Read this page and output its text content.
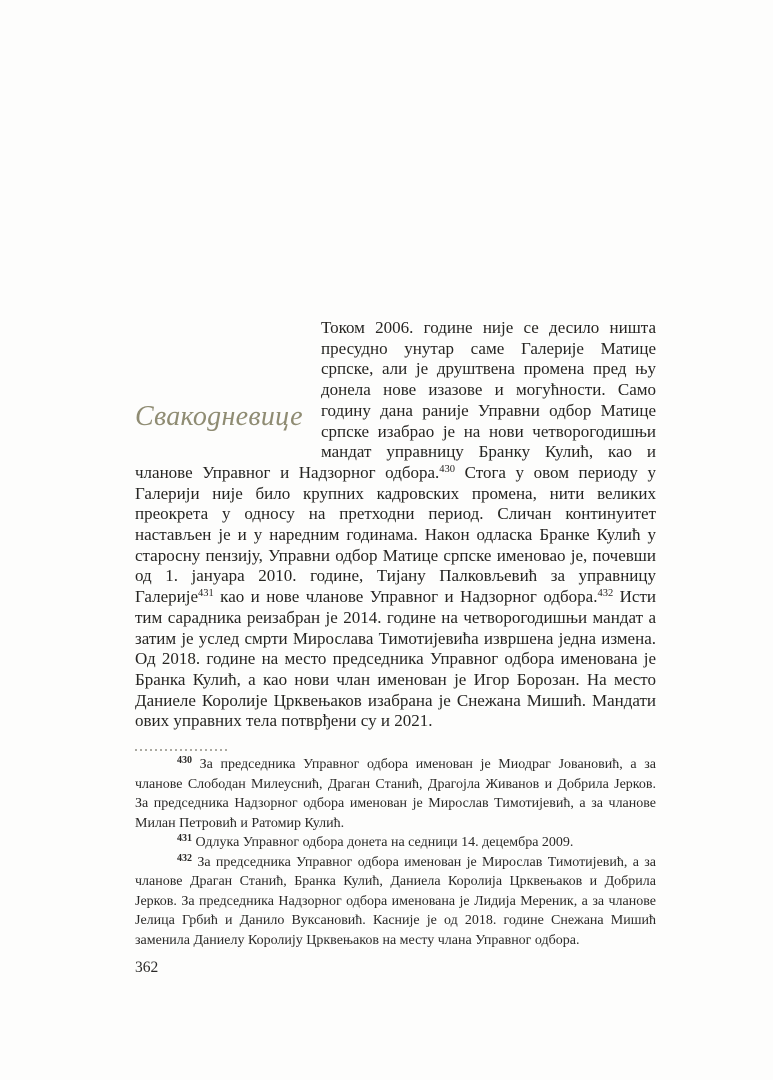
Свакодневице
Током 2006. године није се десило ништа пресудно унутар саме Галерије Матице српске, али је друштвена промена пред њу донела нове изазове и могућности. Само годину дана раније Управни одбор Матице српске изабрао је на нови четворогодишњи мандат управницу Бранку Кулић, као и чланове Управног и Надзорног одбора.$^{430}$ Стога у овом периоду у Галерији није било крупних кадровских промена, нити великих преокрета у односу на претходни период. Сличан континуитет настављен је и у наредним годинама. Након одласка Бранке Кулић у старосну пензију, Управни одбор Матице српске именовао је, почевши од 1. јануара 2010. године, Тијану Палковљевић за управницу Галерије$^{431}$ као и нове чланове Управног и Надзорног одбора.$^{432}$ Исти тим сарадника реизабран је 2014. године на четворогодишњи мандат а затим је услед смрти Мирослава Тимотијевића извршена једна измена. Од 2018. године на место председника Управног одбора именована је Бранка Кулић, а као нови члан именован је Игор Борозан. На место Даниеле Королије Црквењаков изабрана је Снежана Мишић. Мандати ових управних тела потврђени су и 2021.

$^{430}$ За председника Управног одбора именован је Миодраг Јовановић, а за чланове Слободан Милеуснић, Драган Станић, Драгојла Живанов и Добрила Јерков. За председника Надзорног одбора именован је Мирослав Тимотијевић, а за чланове Милан Петровић и Ратомир Кулић.

$^{431}$ Одлука Управног одбора донета на седници 14. децембра 2009.

$^{432}$ За председника Управног одбора именован је Мирослав Тимотијевић, а за чланове Драган Станић, Бранка Кулић, Даниела Королија Црквењаков и Добрила Јерков. За председника Надзорног одбора именована је Лидија Мереник, а за чланове Јелица Грбић и Данило Вуксановић. Касније је од 2018. године Снежана Мишић заменила Даниелу Королију Црквењаков на месту члана Управног одбора.

362
